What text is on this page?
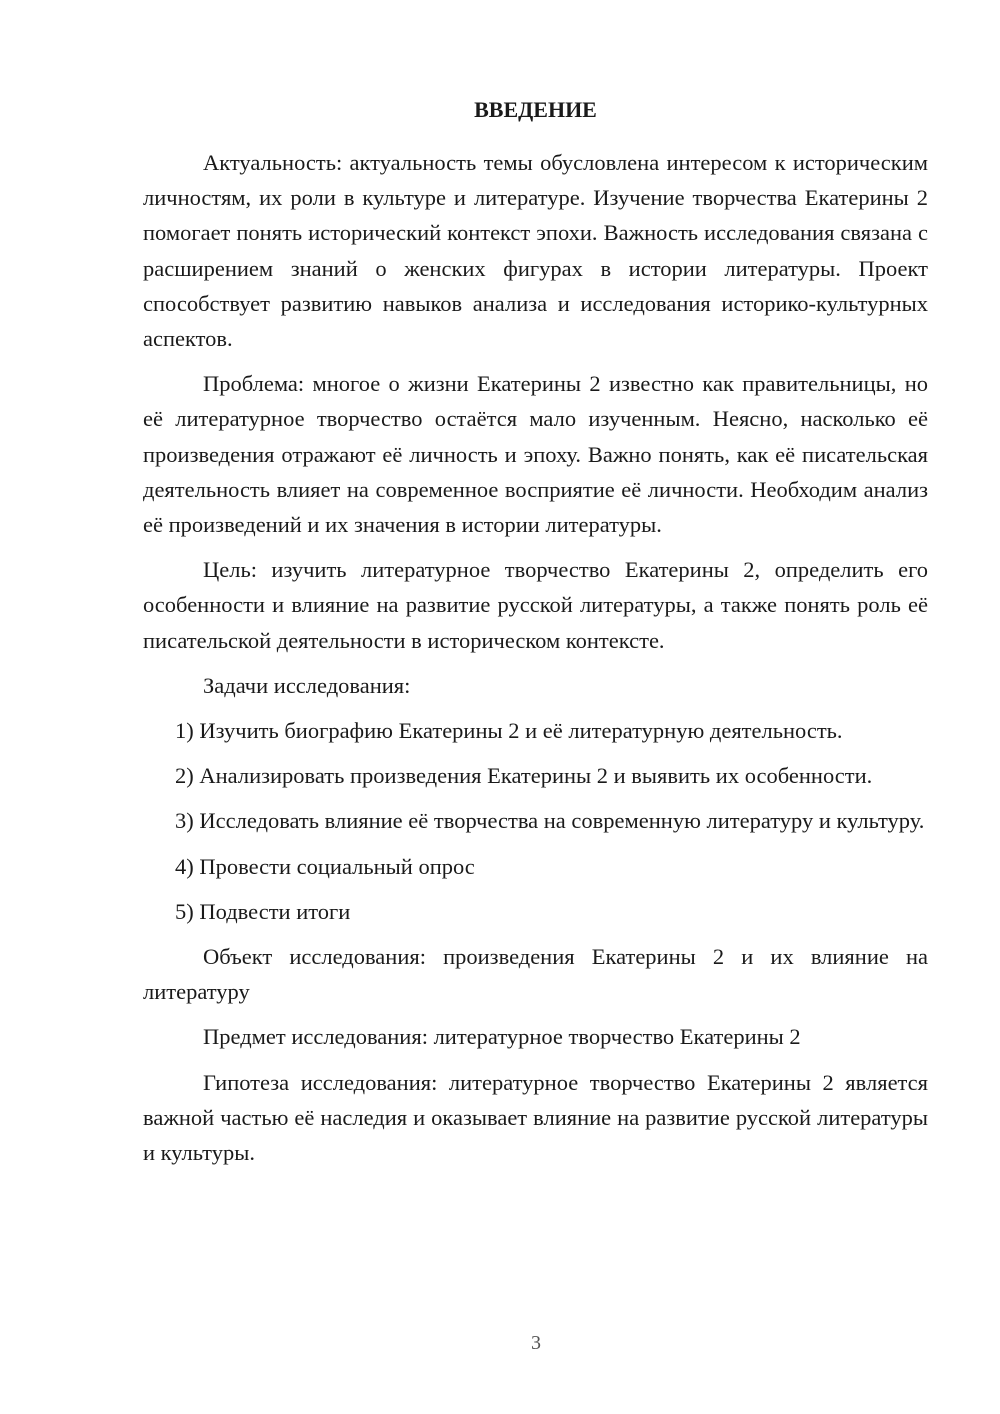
ВВЕДЕНИЕ

Актуальность: актуальность темы обусловлена интересом к историческим личностям, их роли в культуре и литературе. Изучение творчества Екатерины 2 помогает понять исторический контекст эпохи. Важность исследования связана с расширением знаний о женских фигурах в истории литературы. Проект способствует развитию навыков анализа и исследования историко-культурных аспектов.

Проблема: многое о жизни Екатерины 2 известно как правительницы, но её литературное творчество остаётся мало изученным. Неясно, насколько её произведения отражают её личность и эпоху. Важно понять, как её писательская деятельность влияет на современное восприятие её личности. Необходим анализ её произведений и их значения в истории литературы.

Цель: изучить литературное творчество Екатерины 2, определить его особенности и влияние на развитие русской литературы, а также понять роль её писательской деятельности в историческом контексте.

Задачи исследования:

1) Изучить биографию Екатерины 2 и её литературную деятельность.

2) Анализировать произведения Екатерины 2 и выявить их особенности.

3) Исследовать влияние её творчества на современную литературу и культуру.

4) Провести социальный опрос

5) Подвести итоги

Объект исследования: произведения Екатерины 2 и их влияние на литературу

Предмет исследования: литературное творчество Екатерины 2

Гипотеза исследования: литературное творчество Екатерины 2 является важной частью её наследия и оказывает влияние на развитие русской литературы и культуры.

3
